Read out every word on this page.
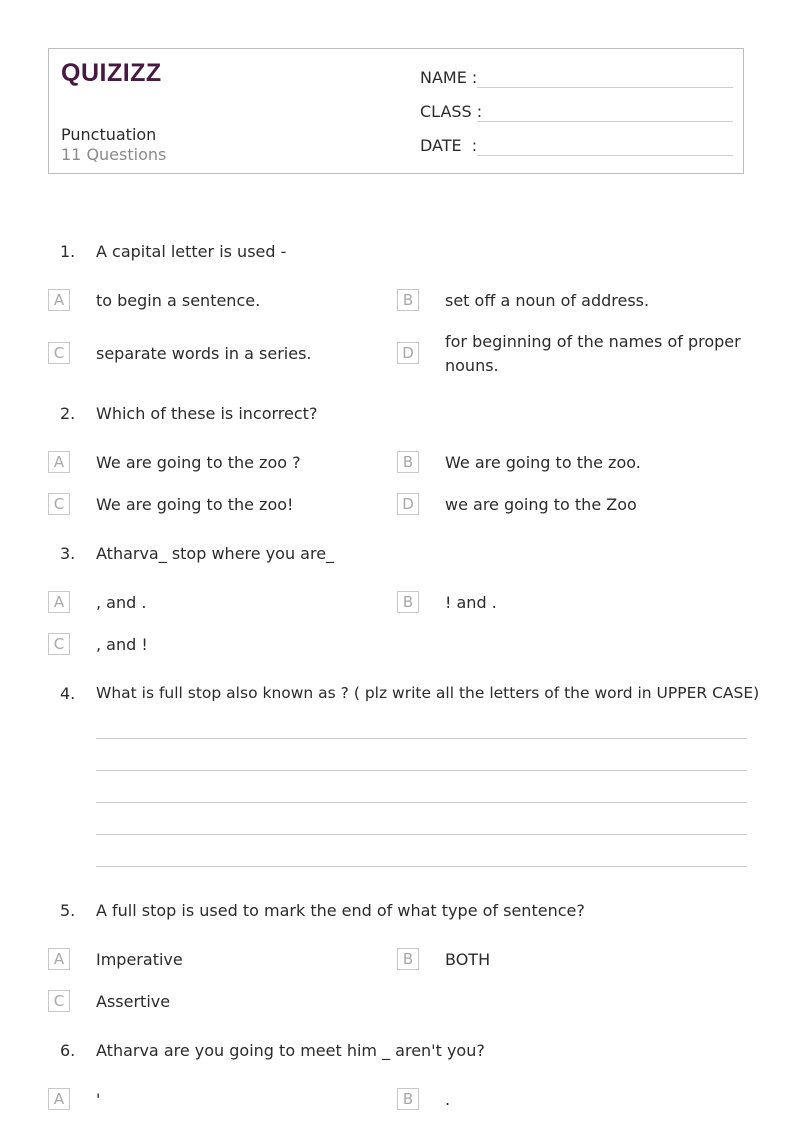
QUIZIZZ
Punctuation
11 Questions
NAME :
CLASS :
DATE  :
1. A capital letter is used -
A	to begin a sentence.	B	set off a noun of address.
C	separate words in a series.	D
for beginning of the names of proper nouns.
2. Which of these is incorrect?
A	We are going to the zoo ?	B	We are going to the zoo.
C	We are going to the zoo!	D	we are going to the Zoo
3. Atharva_ stop where you are_
A	, and .	B	! and .
C	, and !
4. What is full stop also known as ? ( plz write all the letters of the word in UPPER CASE)
5. A full stop is used to mark the end of what type of sentence?
A	Imperative	B	BOTH
C	Assertive
6. Atharva are you going to meet him _ aren't you?
A	'	B	.
